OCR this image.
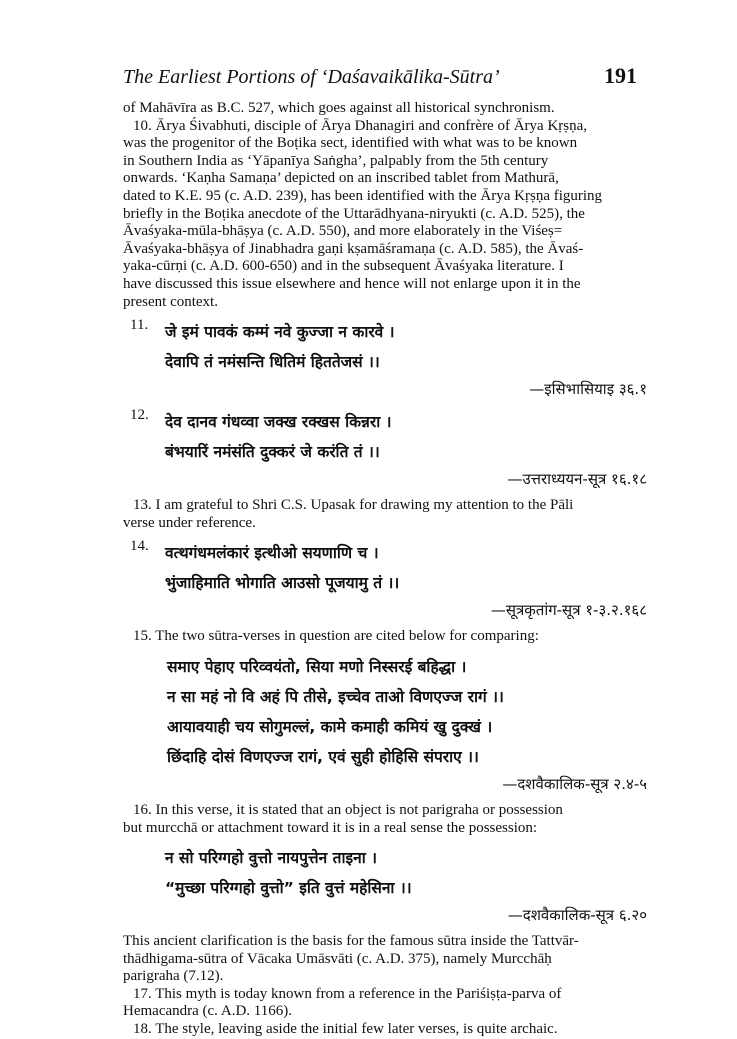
The Earliest Portions of ‘Daśavaikālika-Sūtra’	191

of Mahāvīra as B.C. 527, which goes against all historical synchronism.

10. Ārya Śivabhuti, disciple of Ārya Dhanagiri and confrère of Ārya Kṛṣṇa,
was the progenitor of the Boṭika sect, identified with what was to be known
in Southern India as ‘Yāpanīya Saṅgha’, palpably from the 5th century
onwards. ‘Kaṇha Samaṇa’ depicted on an inscribed tablet from Mathurā,
dated to K.E. 95 (c. A.D. 239), has been identified with the Ārya Kṛṣṇa figuring
briefly in the Boṭika anecdote of the Uttarādhyana-niryukti (c. A.D. 525), the
Āvaśyaka-mūla-bhāṣya (c. A.D. 550), and more elaborately in the Viśeṣ=
Āvaśyaka-bhāṣya of Jinabhadra gaṇi kṣamāśramaṇa (c. A.D. 585), the Āvaś-
yaka-cūrṇi (c. A.D. 600-650) and in the subsequent Āvaśyaka literature. I
have discussed this issue elsewhere and hence will not enlarge upon it in the
present context.

11. जे इमं पावकं कम्मं नवे कुज्जा न कारवे ।
देवापि तं नमंसन्ति धितिमं हिततेजसं ।।
—इसिभासियाइ ३६.१
12. देव दानव गंधव्वा जक्ख रक्खस किन्नरा ।
बंभयारिं नमंसंति दुक्करं जे करंति तं ।।
—उत्तराध्ययन-सूत्र १६.१८

13. I am grateful to Shri C.S. Upasak for drawing my attention to the Pāli
verse under reference.

14. वत्थगंधमलंकारं इत्थीओ सयणाणि च ।
भुंजाहिमाति भोगाति आउसो पूजयामु तं ।।
—सूत्रकृतांग-सूत्र १-३.२.१६८

15. The two sūtra-verses in question are cited below for comparing:

समाए पेहाए परिव्वयंतो, सिया मणो निस्सरई बहिद्धा ।
न सा महं नो वि अहं पि तीसे, इच्चेव ताओ विणएज्ज रागं ।।
आयावयाही चय सोगुमल्लं, कामे कमाही कमियं खु दुक्खं ।
छिंदाहि दोसं विणएज्ज रागं, एवं सुही होहिसि संपराए ।।
—दशवैकालिक-सूत्र २.४-५

16. In this verse, it is stated that an object is not parigraha or possession
but murcchā or attachment toward it is in a real sense the possession:

न सो परिग्गहो वुत्तो नायपुत्तेन ताइना ।
“मुच्छा परिग्गहो वुत्तो” इति वुत्तं महेसिना ।।
—दशवैकालिक-सूत्र ६.२०

This ancient clarification is the basis for the famous sūtra inside the Tattvār-
thādhigama-sūtra of Vācaka Umāsvāti (c. A.D. 375), namely Murcchāḥ
parigraha (7.12).

17. This myth is today known from a reference in the Pariśiṣṭa-parva of
Hemacandra (c. A.D. 1166).

18. The style, leaving aside the initial few later verses, is quite archaic.
